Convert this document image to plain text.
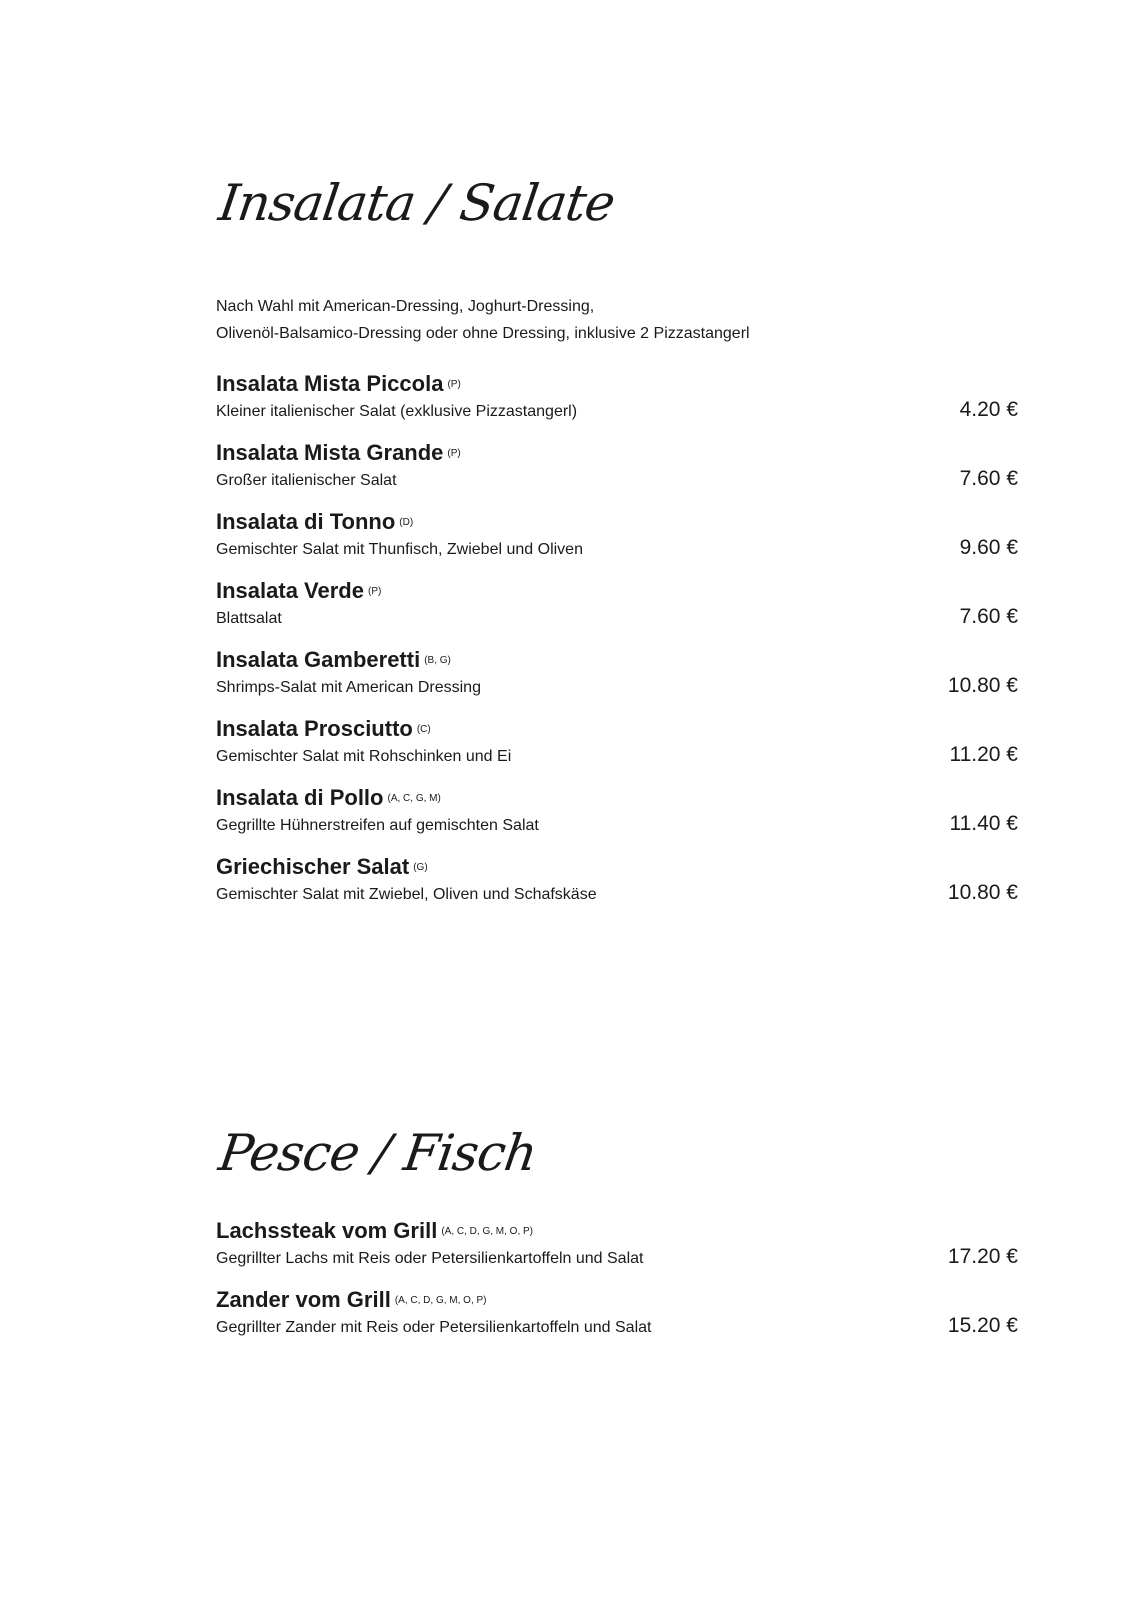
Insalata / Salate
Nach Wahl mit American-Dressing, Joghurt-Dressing,
Olivenöl-Balsamico-Dressing oder ohne Dressing, inklusive 2 Pizzastangerl
Insalata Mista Piccola $^{(P)}$
Kleiner italienischer Salat (exklusive Pizzastangerl)	4.20 €
Insalata Mista Grande $^{(P)}$
Großer italienischer Salat	7.60 €
Insalata di Tonno $^{(D)}$
Gemischter Salat mit Thunfisch, Zwiebel und Oliven	9.60 €
Insalata Verde $^{(P)}$
Blattsalat	7.60 €
Insalata Gamberetti $^{(B, G)}$
Shrimps-Salat mit American Dressing	10.80 €
Insalata Prosciutto $^{(C)}$
Gemischter Salat mit Rohschinken und Ei	11.20 €
Insalata di Pollo $^{(A, C, G, M)}$
Gegrillte Hühnerstreifen auf gemischten Salat	11.40 €
Griechischer Salat $^{(G)}$
Gemischter Salat mit Zwiebel, Oliven und Schafskäse	10.80 €
Pesce / Fisch
Lachssteak vom Grill $^{(A, C, D, G, M, O, P)}$
Gegrillter Lachs mit Reis oder Petersilienkartoffeln und Salat	17.20 €
Zander vom Grill $^{(A, C, D, G, M, O, P)}$
Gegrillter Zander mit Reis oder Petersilienkartoffeln und Salat	15.20 €
